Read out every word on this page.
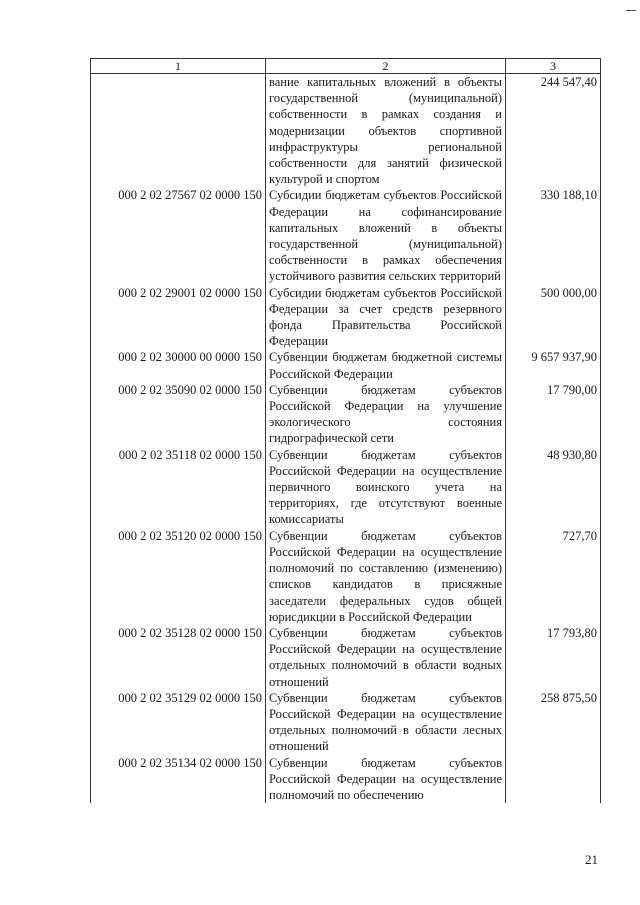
1	2	3
	вание капитальных вложений в объекты государственной (муниципальной) собственности в рамках создания и модернизации объектов спортивной инфраструктуры региональной собственности для занятий физической культурой и спортом	244 547,40
000 2 02 27567 02 0000 150	Субсидии бюджетам субъектов Российской Федерации на софинансирование капитальных вложений в объекты государственной (муниципальной) собственности в рамках обеспечения устойчивого развития сельских территорий	330 188,10
000 2 02 29001 02 0000 150	Субсидии бюджетам субъектов Российской Федерации за счет средств резервного фонда Правительства Российской Федерации	500 000,00
000 2 02 30000 00 0000 150	Субвенции бюджетам бюджетной системы Российской Федерации	9 657 937,90
000 2 02 35090 02 0000 150	Субвенции бюджетам субъектов Российской Федерации на улучшение экологического состояния гидрографической сети	17 790,00
000 2 02 35118 02 0000 150	Субвенции бюджетам субъектов Российской Федерации на осуществление первичного воинского учета на территориях, где отсутствуют военные комиссариаты	48 930,80
000 2 02 35120 02 0000 150	Субвенции бюджетам субъектов Российской Федерации на осуществление полномочий по составлению (изменению) списков кандидатов в присяжные заседатели федеральных судов общей юрисдикции в Российской Федерации	727,70
000 2 02 35128 02 0000 150	Субвенции бюджетам субъектов Российской Федерации на осуществление отдельных полномочий в области водных отношений	17 793,80
000 2 02 35129 02 0000 150	Субвенции бюджетам субъектов Российской Федерации на осуществление отдельных полномочий в области лесных отношений	258 875,50
000 2 02 35134 02 0000 150	Субвенции бюджетам субъектов Российской Федерации на осуществление полномочий по обеспечению	
21
